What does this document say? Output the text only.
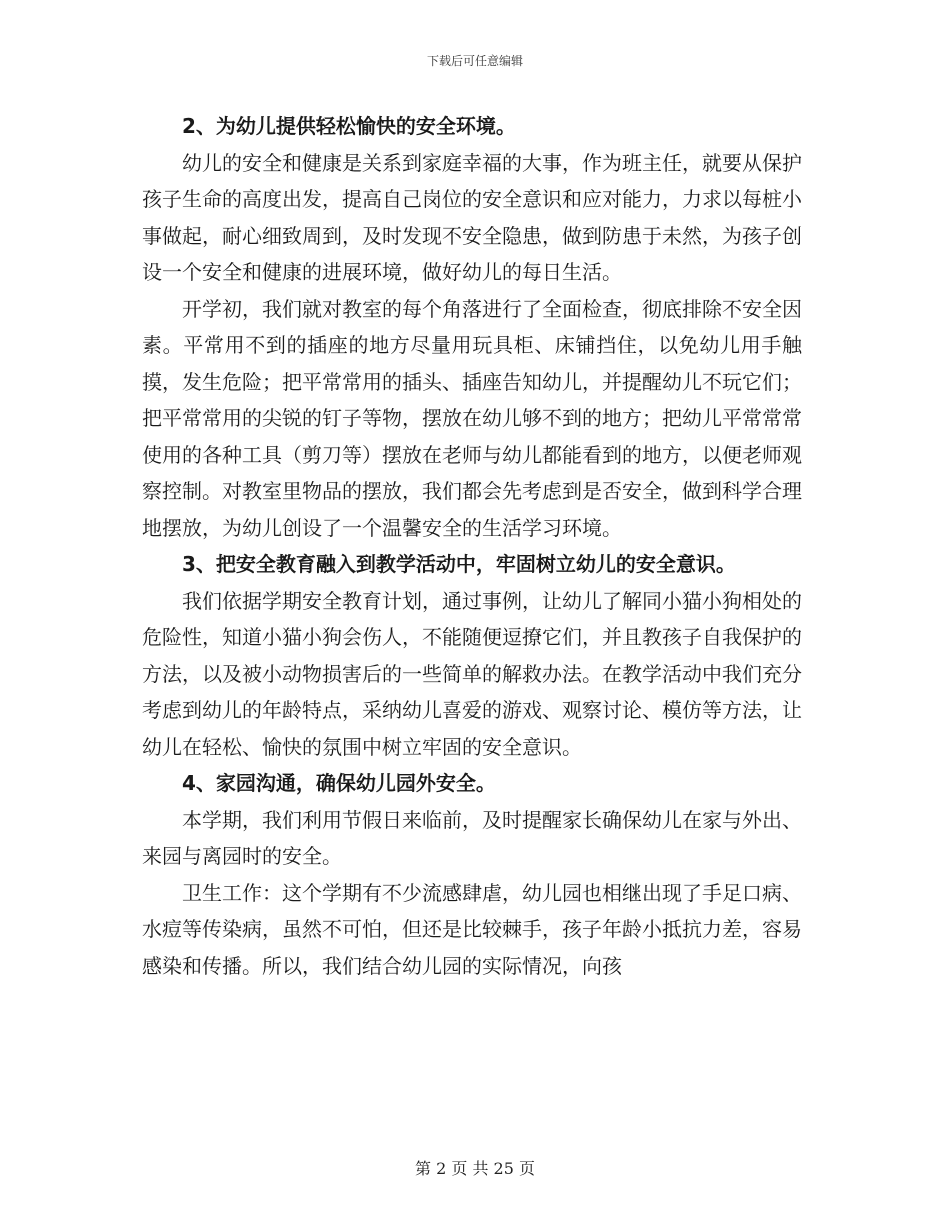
下载后可任意编辑

2、为幼儿提供轻松愉快的安全环境。

幼儿的安全和健康是关系到家庭幸福的大事，作为班主任，就要从保护孩子生命的高度出发，提高自己岗位的安全意识和应对能力，力求以每桩小事做起，耐心细致周到，及时发现不安全隐患，做到防患于未然，为孩子创设一个安全和健康的进展环境，做好幼儿的每日生活。

开学初，我们就对教室的每个角落进行了全面检查，彻底排除不安全因素。平常用不到的插座的地方尽量用玩具柜、床铺挡住，以免幼儿用手触摸，发生危险；把平常常用的插头、插座告知幼儿，并提醒幼儿不玩它们；把平常常用的尖锐的钉子等物，摆放在幼儿够不到的地方；把幼儿平常常常使用的各种工具（剪刀等）摆放在老师与幼儿都能看到的地方，以便老师观察控制。对教室里物品的摆放，我们都会先考虑到是否安全，做到科学合理地摆放，为幼儿创设了一个温馨安全的生活学习环境。

3、把安全教育融入到教学活动中，牢固树立幼儿的安全意识。

我们依据学期安全教育计划，通过事例，让幼儿了解同小猫小狗相处的危险性，知道小猫小狗会伤人，不能随便逗撩它们，并且教孩子自我保护的方法，以及被小动物损害后的一些简单的解救办法。在教学活动中我们充分考虑到幼儿的年龄特点，采纳幼儿喜爱的游戏、观察讨论、模仿等方法，让幼儿在轻松、愉快的氛围中树立牢固的安全意识。

4、家园沟通，确保幼儿园外安全。

本学期，我们利用节假日来临前，及时提醒家长确保幼儿在家与外出、来园与离园时的安全。

卫生工作：这个学期有不少流感肆虐，幼儿园也相继出现了手足口病、水痘等传染病，虽然不可怕，但还是比较棘手，孩子年龄小抵抗力差，容易感染和传播。所以，我们结合幼儿园的实际情况，向孩

第 2 页 共 25 页
